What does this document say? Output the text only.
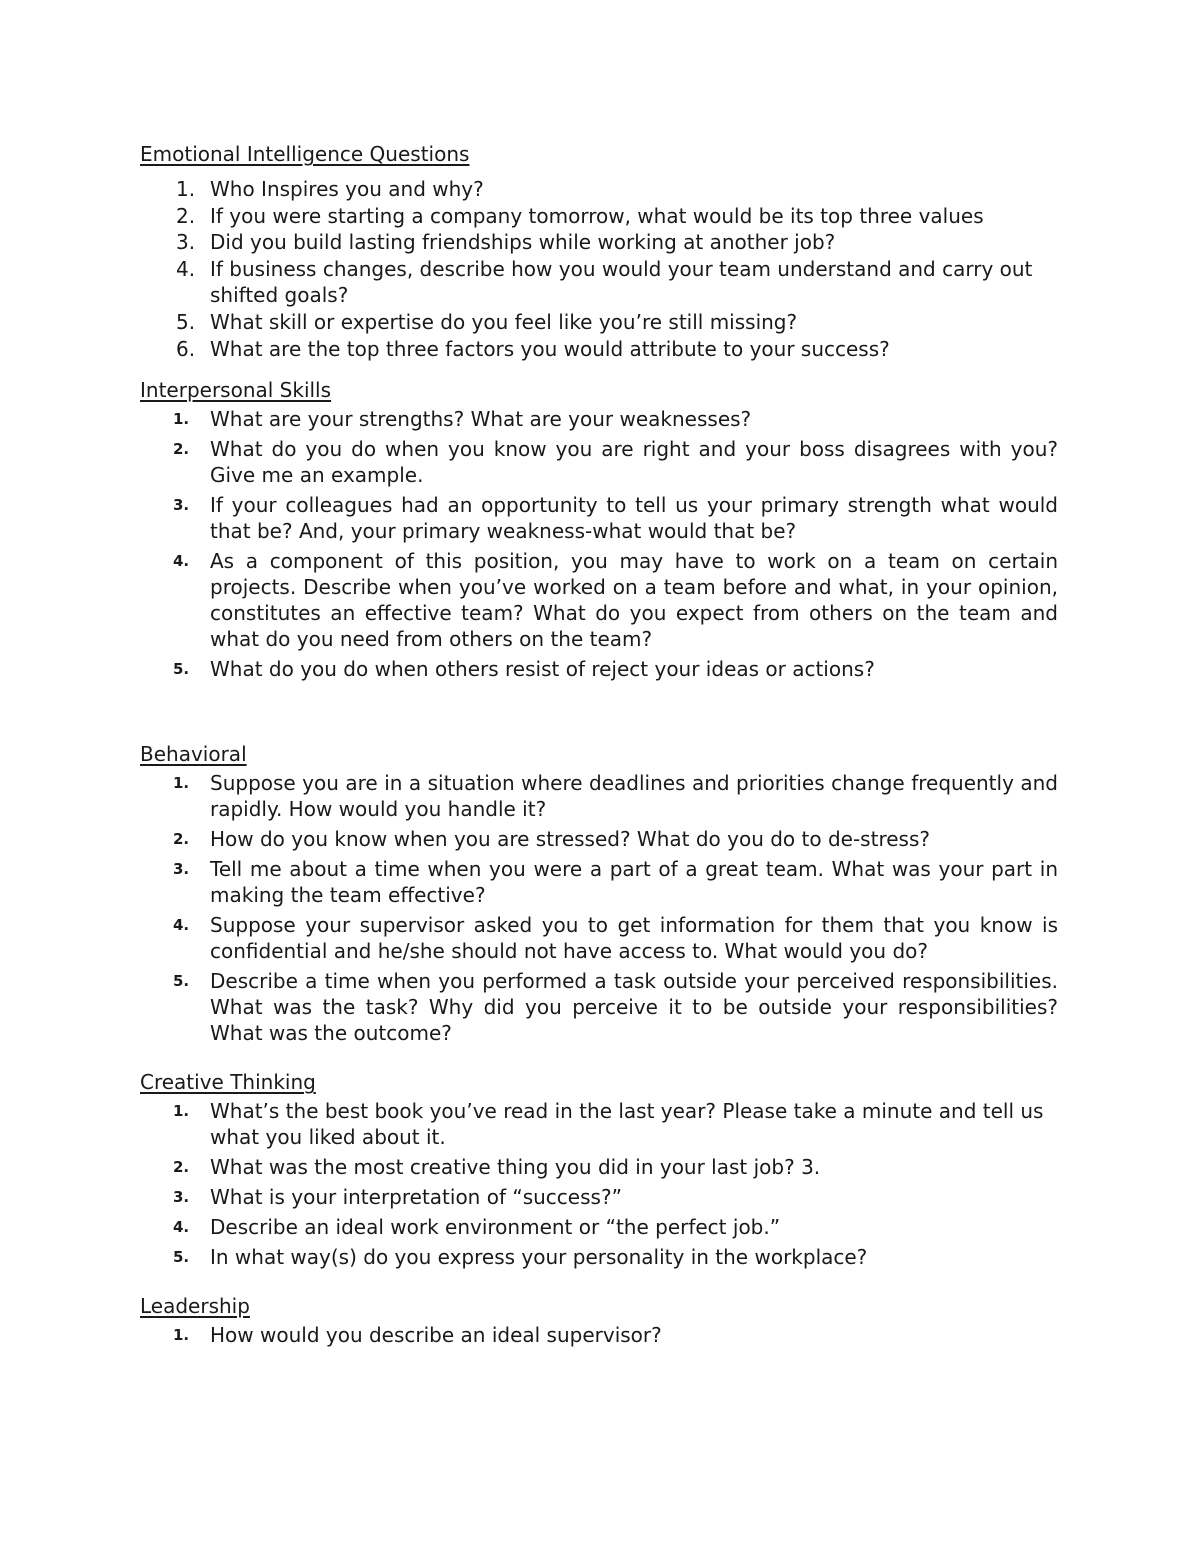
Emotional Intelligence Questions
1. Who Inspires you and why?
2. If you were starting a company tomorrow, what would be its top three values
3. Did you build lasting friendships while working at another job?
4. If business changes, describe how you would your team understand and carry out shifted goals?
5. What skill or expertise do you feel like you’re still missing?
6. What are the top three factors you would attribute to your success?
Interpersonal Skills
1. What are your strengths? What are your weaknesses?
2. What do you do when you know you are right and your boss disagrees with you? Give me an example.
3. If your colleagues had an opportunity to tell us your primary strength what would that be? And, your primary weakness-what would that be?
4. As a component of this position, you may have to work on a team on certain projects. Describe when you’ve worked on a team before and what, in your opinion, constitutes an effective team? What do you expect from others on the team and what do you need from others on the team?
5. What do you do when others resist of reject your ideas or actions?
Behavioral
1. Suppose you are in a situation where deadlines and priorities change frequently and rapidly. How would you handle it?
2. How do you know when you are stressed? What do you do to de-stress?
3. Tell me about a time when you were a part of a great team. What was your part in making the team effective?
4. Suppose your supervisor asked you to get information for them that you know is confidential and he/she should not have access to. What would you do?
5. Describe a time when you performed a task outside your perceived responsibilities. What was the task? Why did you perceive it to be outside your responsibilities? What was the outcome?
Creative Thinking
1. What’s the best book you’ve read in the last year? Please take a minute and tell us what you liked about it.
2. What was the most creative thing you did in your last job? 3.
3. What is your interpretation of “success?”
4. Describe an ideal work environment or “the perfect job.”
5. In what way(s) do you express your personality in the workplace?
Leadership
1. How would you describe an ideal supervisor?
